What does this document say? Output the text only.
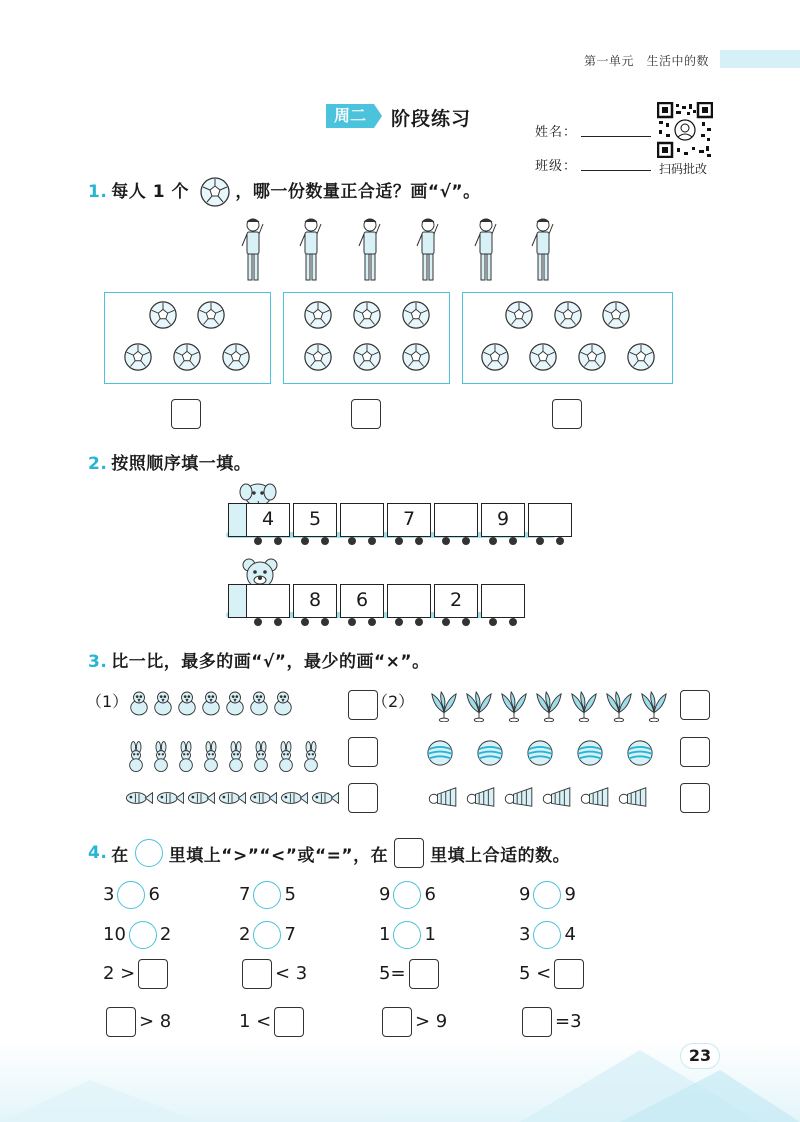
第一单元　生活中的数
周二	阶段练习
姓名：
班级：	扫码批改
1. 每人 1 个	，哪一份数量正合适？画“√”。
2. 按照顺序填一填。
4	5	7	9
8	6	2
3. 比一比，最多的画“√”，最少的画“×”。
（1）	（2）
4. 在 里填上“>”“<”或“=”，在 里填上合适的数。
3 6	7 5	9 6	9 9
10 2	2 7	1 1	3 4
2 >	< 3	5=	5 <
> 8	1 <	> 9	=3
23
